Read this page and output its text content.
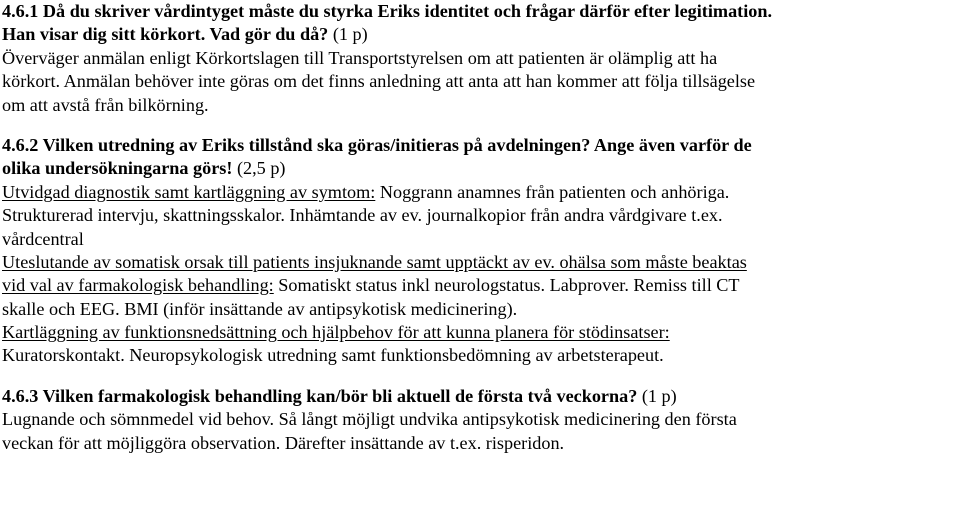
4.6.1 Då du skriver vårdintyget måste du styrka Eriks identitet och frågar därför efter legitimation.
Han visar dig sitt körkort. Vad gör du då? (1 p)
Överväger anmälan enligt Körkortslagen till Transportstyrelsen om att patienten är olämplig att ha
körkort. Anmälan behöver inte göras om det finns anledning att anta att han kommer att följa tillsägelse
om att avstå från bilkörning.
4.6.2 Vilken utredning av Eriks tillstånd ska göras/initieras på avdelningen? Ange även varför de
olika undersökningarna görs! (2,5 p)
Utvidgad diagnostik samt kartläggning av symtom: Noggrann anamnes från patienten och anhöriga.
Strukturerad intervju, skattningsskalor. Inhämtande av ev. journalkopior från andra vårdgivare t.ex.
vårdcentral
Uteslutande av somatisk orsak till patients insjuknande samt upptäckt av ev. ohälsa som måste beaktas
vid val av farmakologisk behandling: Somatiskt status inkl neurologstatus. Labprover. Remiss till CT
skalle och EEG. BMI (inför insättande av antipsykotisk medicinering).
Kartläggning av funktionsnedsättning och hjälpbehov för att kunna planera för stödinsatser:
Kuratorskontakt. Neuropsykologisk utredning samt funktionsbedömning av arbetsterapeut.
4.6.3 Vilken farmakologisk behandling kan/bör bli aktuell de första två veckorna? (1 p)
Lugnande och sömnmedel vid behov. Så långt möjligt undvika antipsykotisk medicinering den första
veckan för att möjliggöra observation. Därefter insättande av t.ex. risperidon.
